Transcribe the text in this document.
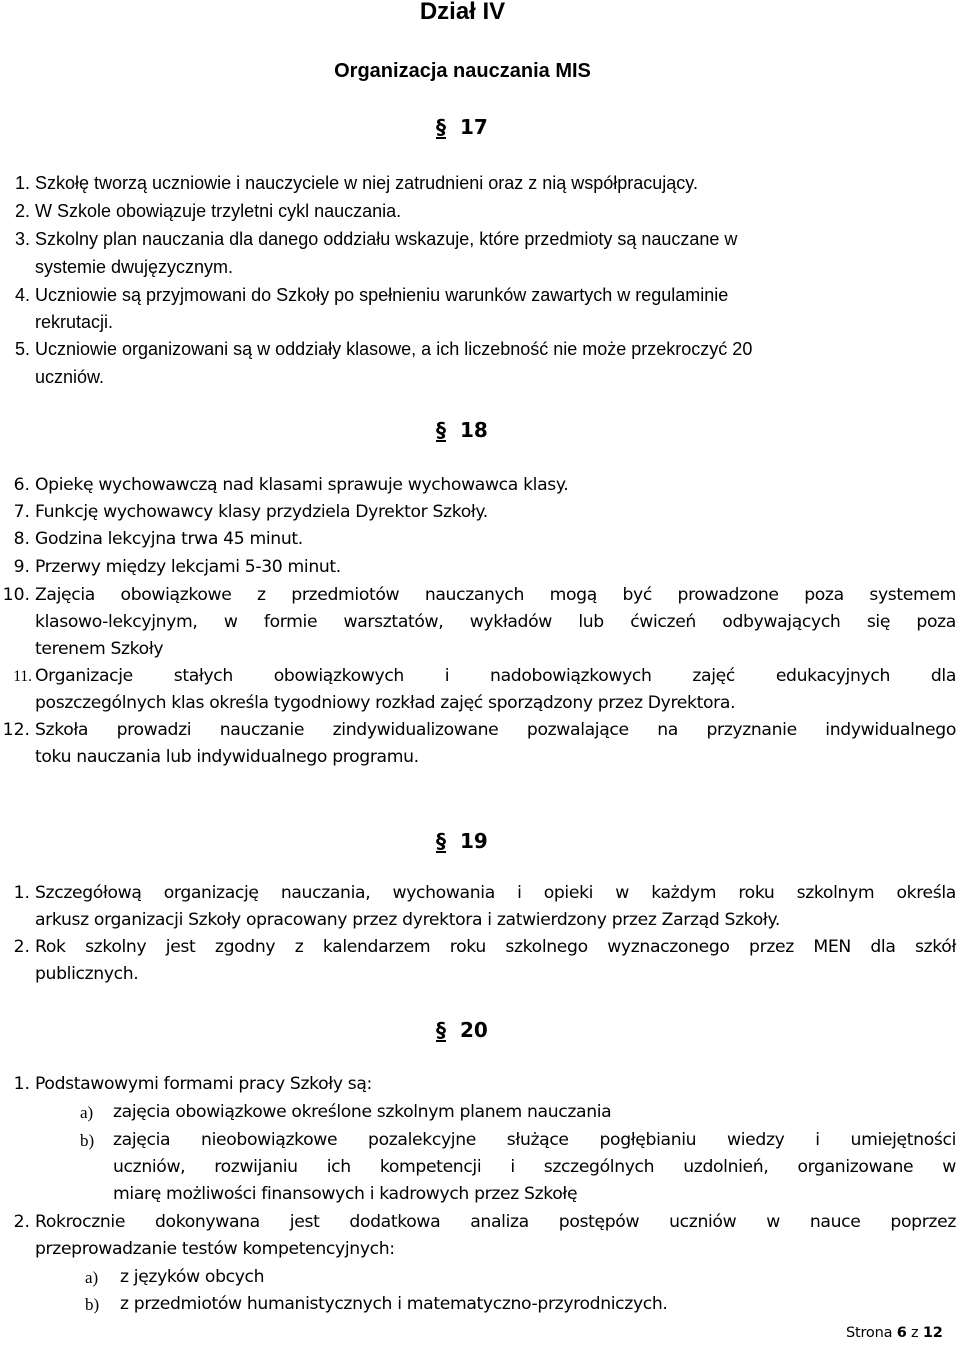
Dział IV
Organizacja nauczania MIS
§ 17
1. Szkołę tworzą uczniowie i nauczyciele w niej zatrudnieni oraz z nią współpracujący.
2. W Szkole obowiązuje trzyletni cykl nauczania.
3. Szkolny plan nauczania dla danego oddziału wskazuje, które przedmioty są nauczane w
systemie dwujęzycznym.
4. Uczniowie są przyjmowani do Szkoły po spełnieniu warunków zawartych w regulaminie
rekrutacji.
5. Uczniowie organizowani są w oddziały klasowe, a ich liczebność nie może przekroczyć 20
uczniów.
§ 18
6. Opiekę wychowawczą nad klasami sprawuje wychowawca klasy.
7. Funkcję wychowawcy klasy przydziela Dyrektor Szkoły.
8. Godzina lekcyjna trwa 45 minut.
9. Przerwy między lekcjami 5-30 minut.
10. Zajęcia obowiązkowe z przedmiotów nauczanych mogą być prowadzone poza systemem
klasowo-lekcyjnym, w formie warsztatów, wykładów lub ćwiczeń odbywających się poza
terenem Szkoły
11. Organizacje stałych obowiązkowych i nadobowiązkowych zajęć edukacyjnych dla
poszczególnych klas określa tygodniowy rozkład zajęć sporządzony przez Dyrektora.
12. Szkoła prowadzi nauczanie zindywidualizowane pozwalające na przyznanie indywidualnego
toku nauczania lub indywidualnego programu.
§ 19
1. Szczegółową organizację nauczania, wychowania i opieki w każdym roku szkolnym określa
arkusz organizacji Szkoły opracowany przez dyrektora i zatwierdzony przez Zarząd Szkoły.
2. Rok szkolny jest zgodny z kalendarzem roku szkolnego wyznaczonego przez MEN dla szkół
publicznych.
§ 20
1. Podstawowymi formami pracy Szkoły są:
a) zajęcia obowiązkowe określone szkolnym planem nauczania
b) zajęcia nieobowiązkowe pozalekcyjne służące pogłębianiu wiedzy i umiejętności
uczniów, rozwijaniu ich kompetencji i szczególnych uzdolnień, organizowane w
miarę możliwości finansowych i kadrowych przez Szkołę
2. Rokrocznie dokonywana jest dodatkowa analiza postępów uczniów w nauce poprzez
przeprowadzanie testów kompetencyjnych:
a) z języków obcych
b) z przedmiotów humanistycznych i matematyczno-przyrodniczych.
Strona 6 z 12
